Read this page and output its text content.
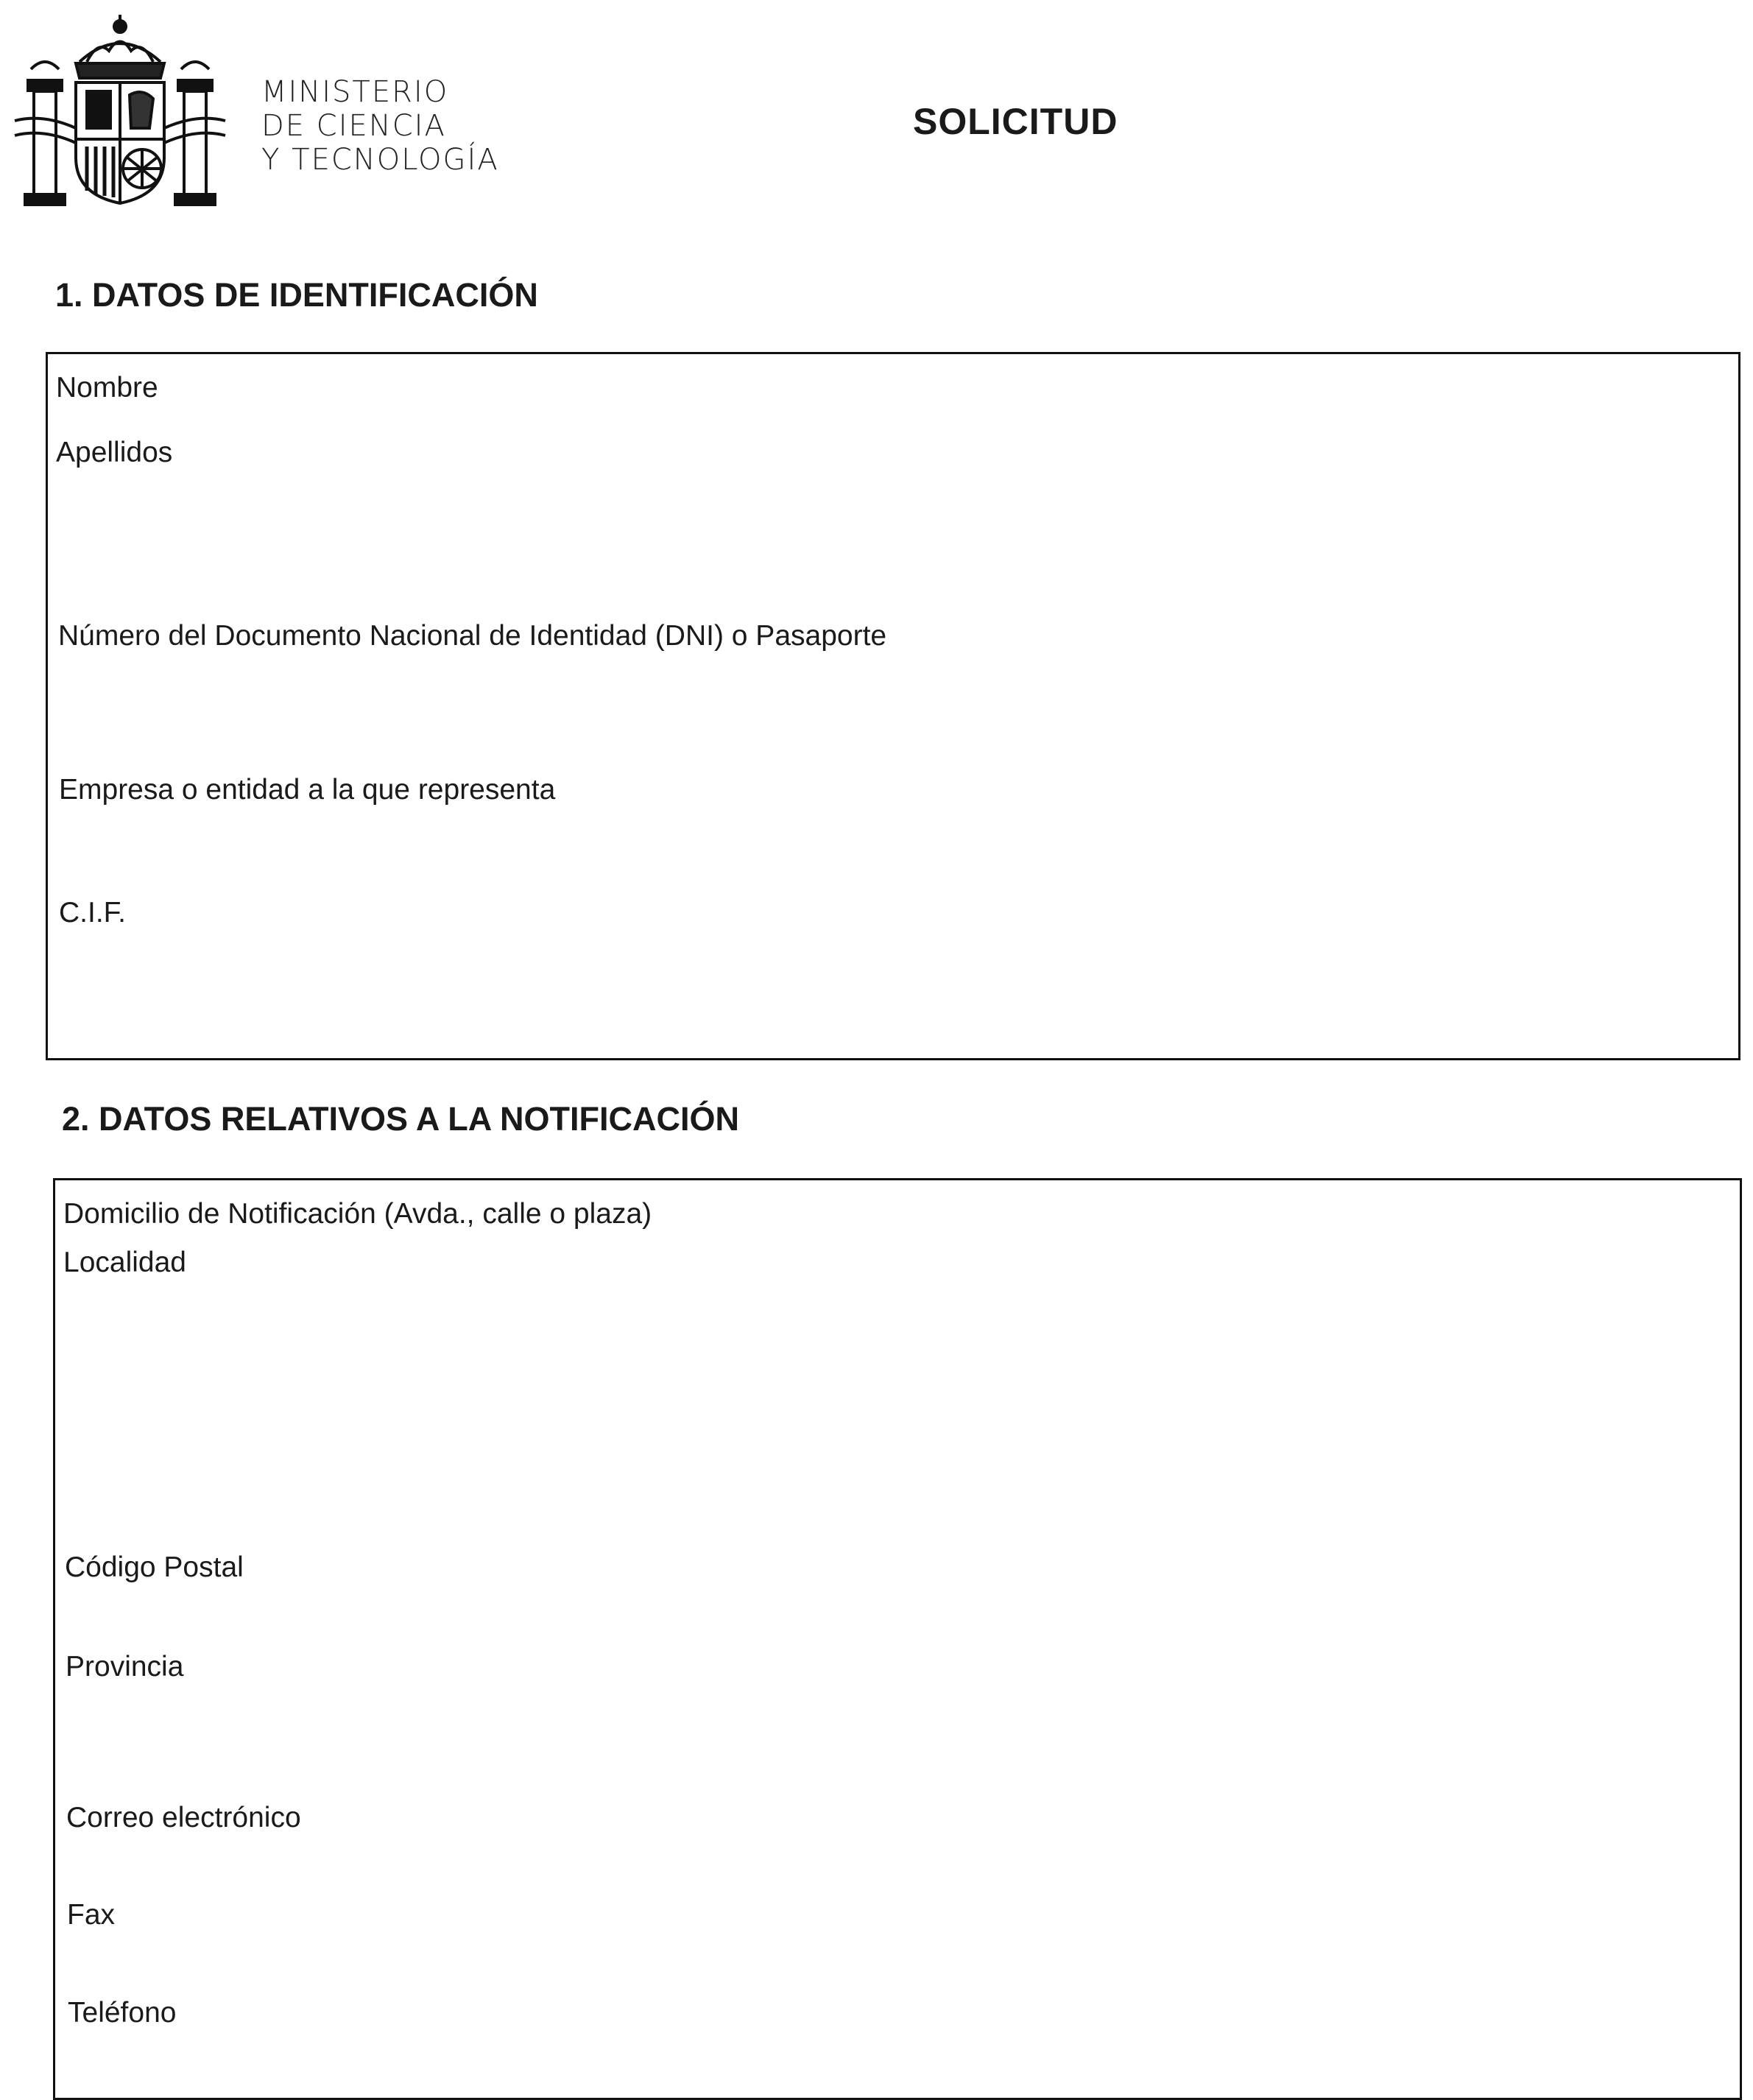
MINISTERIO
DE CIENCIA
Y TECNOLOGÍA
SOLICITUD
1. DATOS DE IDENTIFICACIÓN
Nombre
Apellidos
Número del Documento Nacional de Identidad (DNI) o Pasaporte
Empresa o entidad a la que representa
C.I.F.
2. DATOS RELATIVOS A LA NOTIFICACIÓN
Domicilio de Notificación (Avda., calle o plaza)
Localidad
Código Postal
Provincia
Correo electrónico
Fax
Teléfono
